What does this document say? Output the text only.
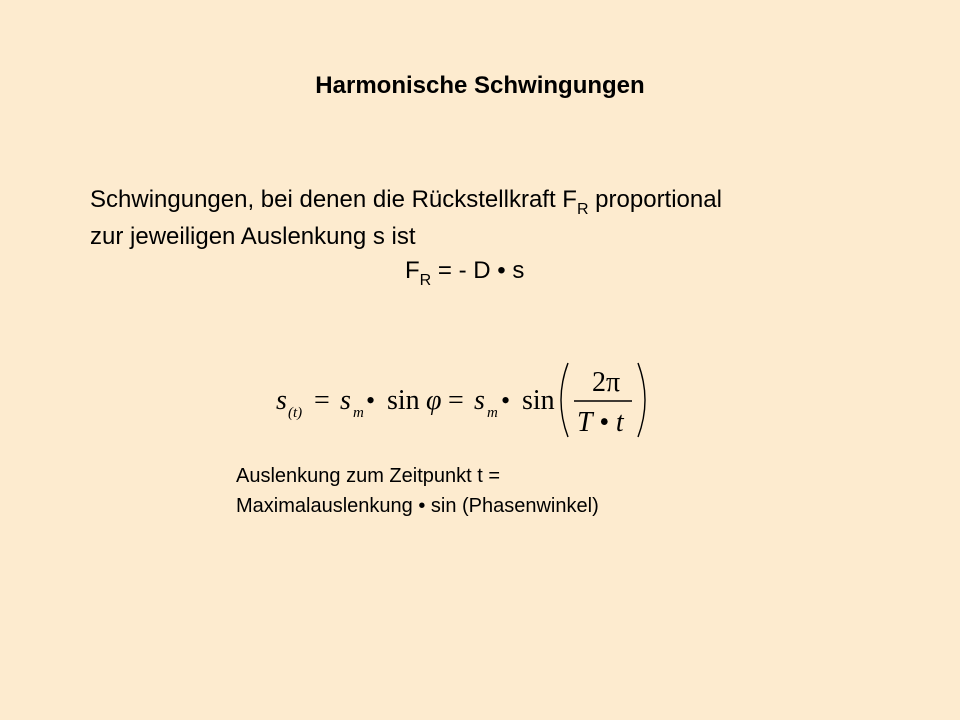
Harmonische Schwingungen
Schwingungen, bei denen die Rückstellkraft $F_R$ proportional
zur jeweiligen Auslenkung s ist
$F_R$ = - D • s
s (t) = s m • sin φ = s m • sin
2π
T • t
Auslenkung zum Zeitpunkt t =
Maximalauslenkung • sin (Phasenwinkel)
